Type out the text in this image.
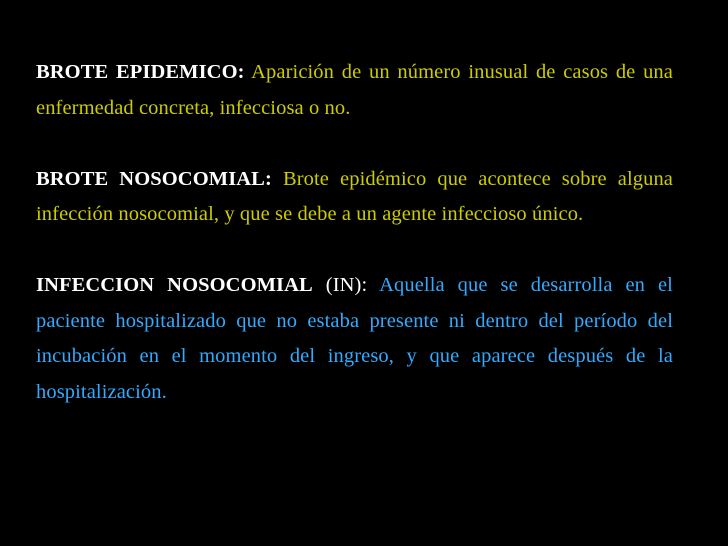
BROTE EPIDEMICO: Aparición de un número inusual de casos de una enfermedad concreta, infecciosa o no.

BROTE NOSOCOMIAL: Brote epidémico que acontece sobre alguna infección nosocomial, y que se debe a un agente infeccioso único.

INFECCION NOSOCOMIAL (IN): Aquella que se desarrolla en el paciente hospitalizado que no estaba presente ni dentro del período del incubación en el momento del ingreso, y que aparece después de la hospitalización.
